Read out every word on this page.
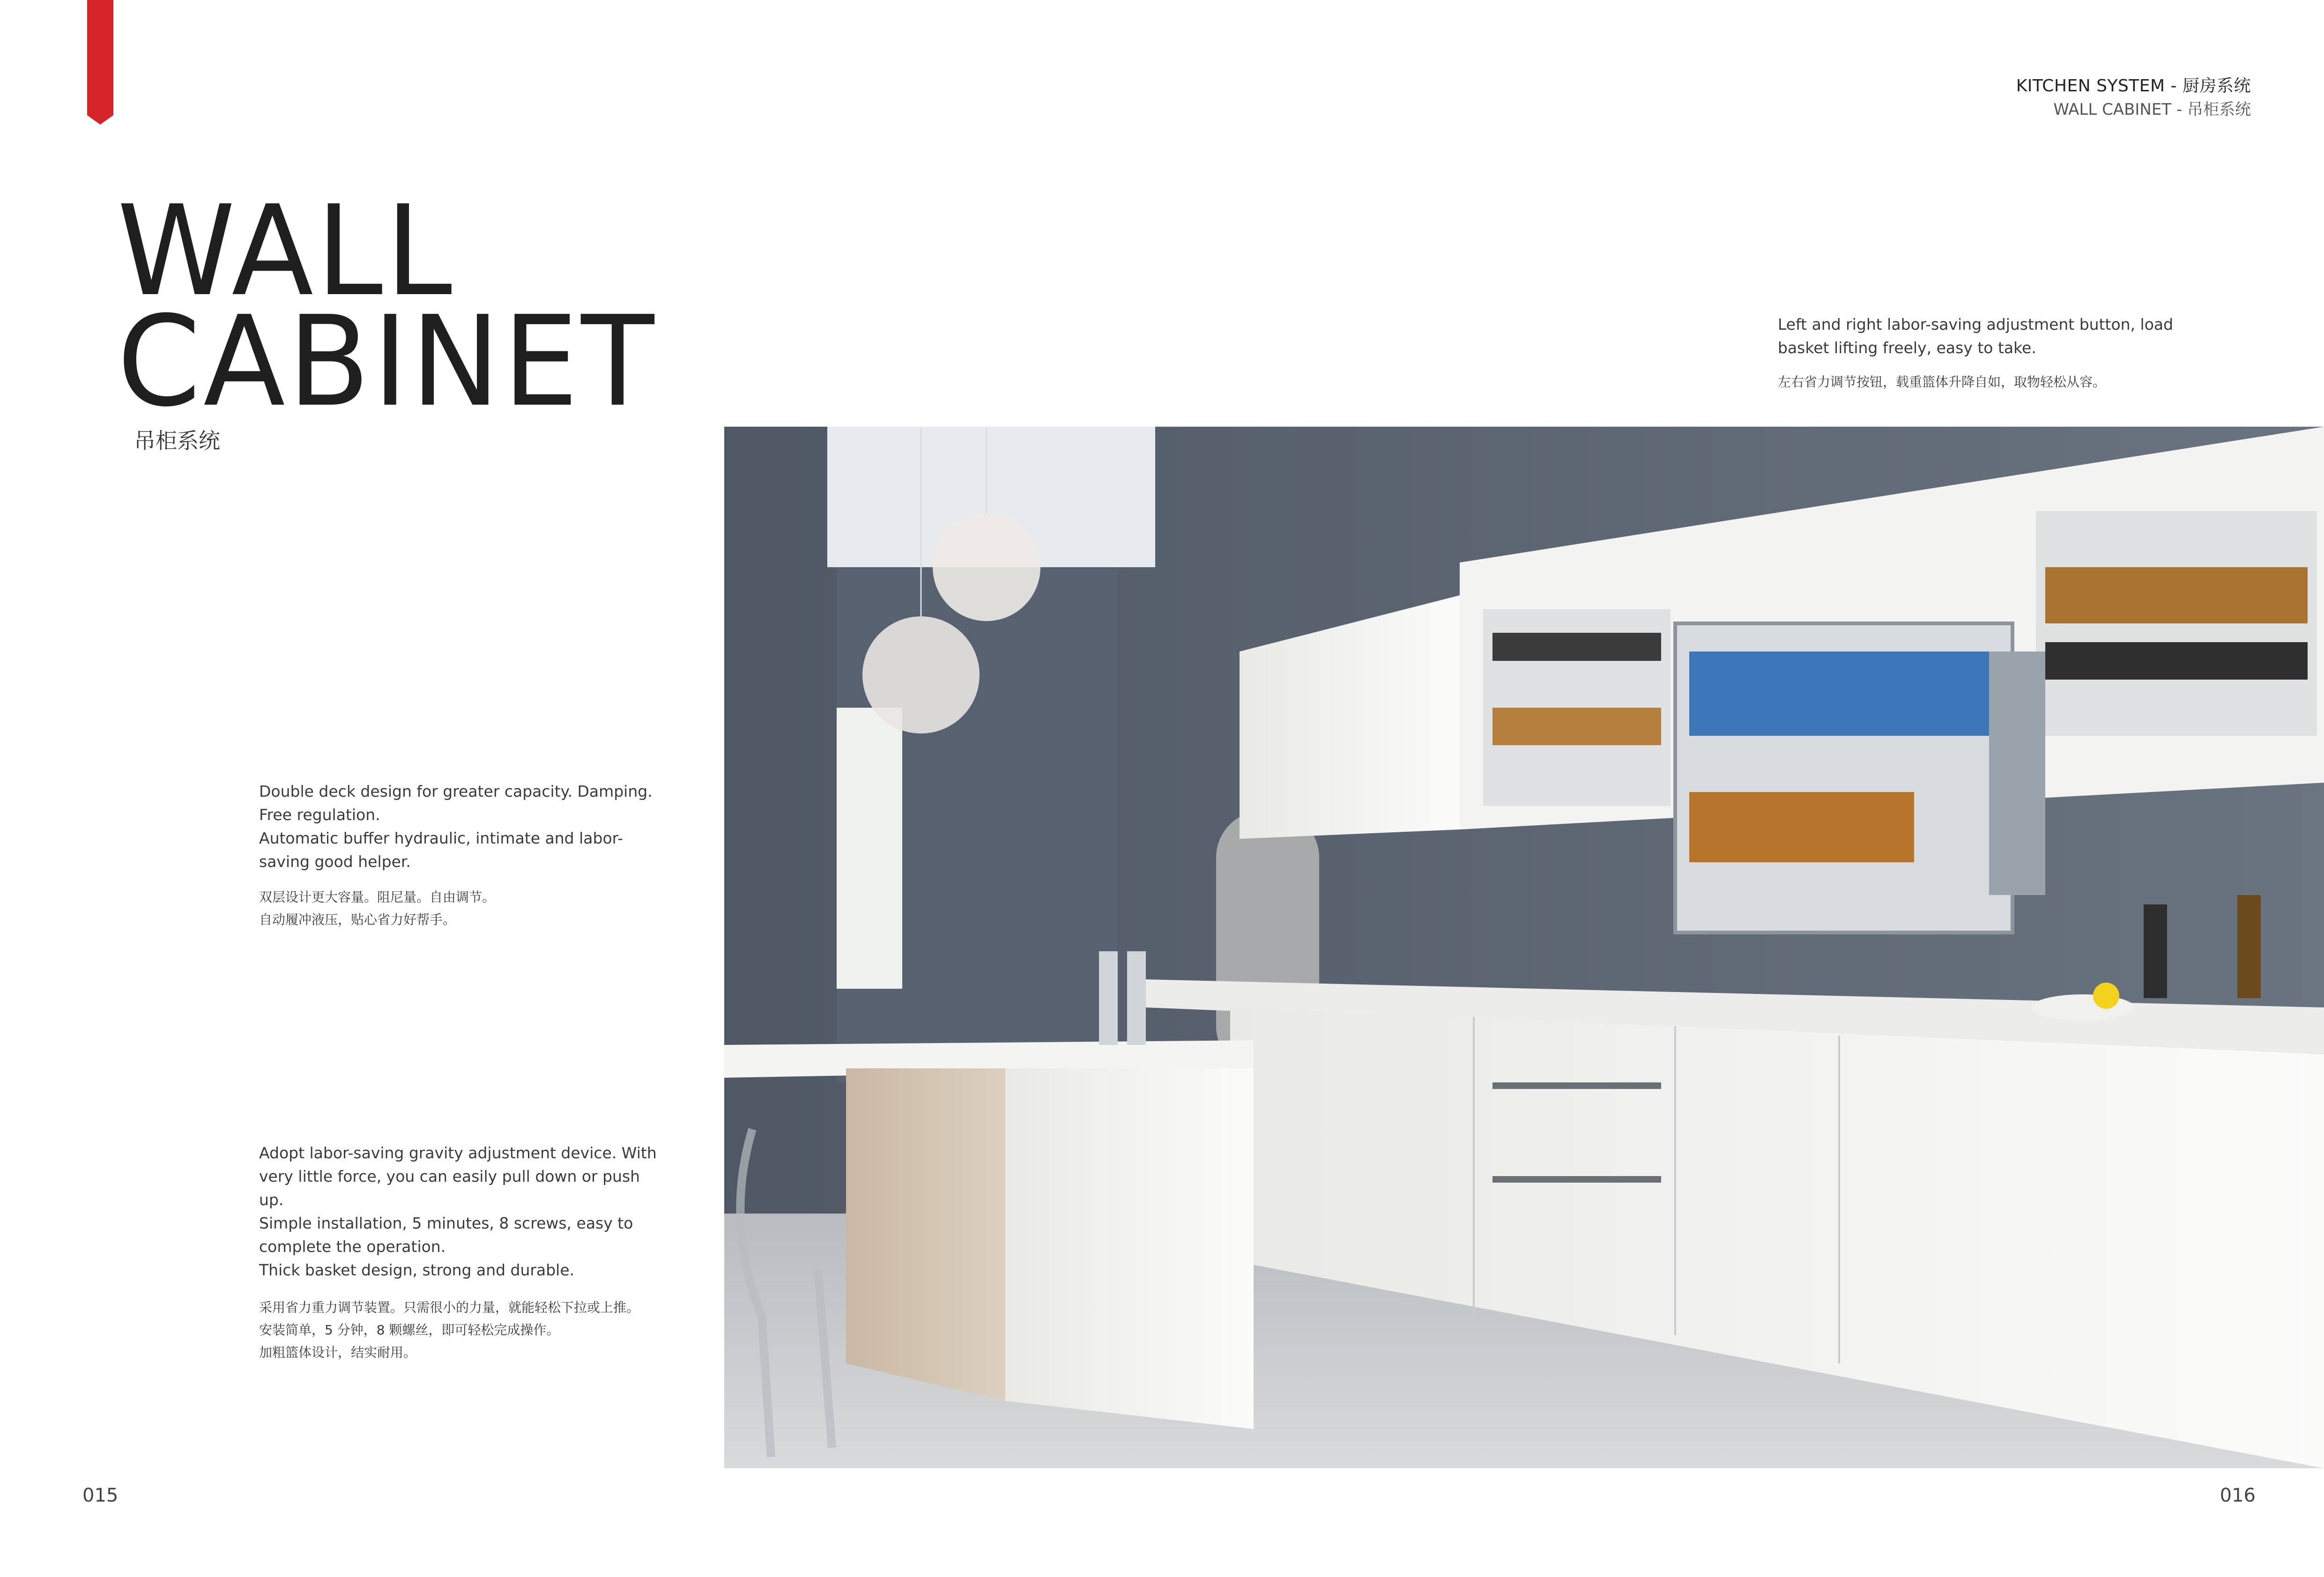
KITCHEN SYSTEM - 厨房系统
WALL CABINET - 吊柜系统
WALL
CABINET
吊柜系统
Left and right labor-saving adjustment button, load basket lifting freely, easy to take.
左右省力调节按钮，载重篮体升降自如，取物轻松从容。
Double deck design for greater capacity. Damping. Free regulation.
Automatic buffer hydraulic, intimate and labor-saving good helper.
双层设计更大容量。阻尼量。自由调节。
自动履冲液压，贴心省力好帮手。
Adopt labor-saving gravity adjustment device. With very little force, you can easily pull down or push up.
Simple installation, 5 minutes, 8 screws, easy to complete the operation.
Thick basket design, strong and durable.
采用省力重力调节装置。只需很小的力量，就能轻松下拉或上推。
安装简单，5 分钟，8 颗螺丝，即可轻松完成操作。
加粗篮体设计，结实耐用。
015	016
